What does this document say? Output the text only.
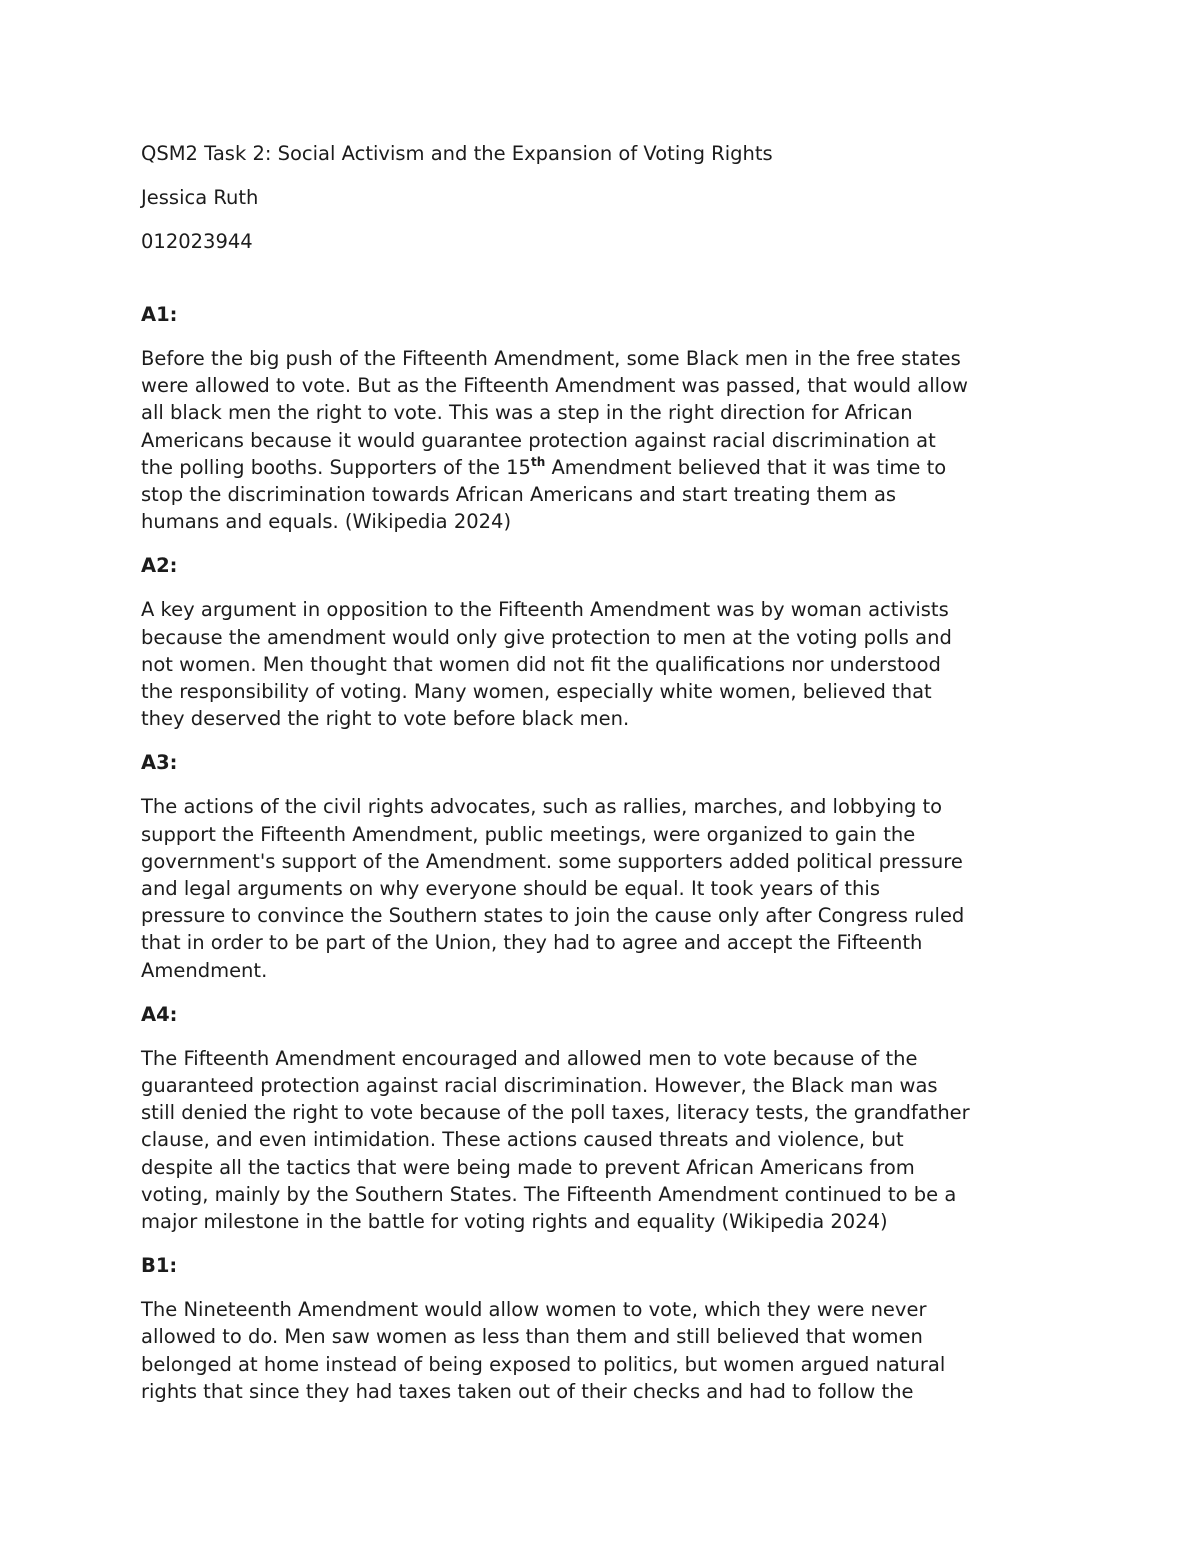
QSM2 Task 2: Social Activism and the Expansion of Voting Rights
Jessica Ruth
012023944
A1:
Before the big push of the Fifteenth Amendment, some Black men in the free states
were allowed to vote. But as the Fifteenth Amendment was passed, that would allow
all black men the right to vote. This was a step in the right direction for African
Americans because it would guarantee protection against racial discrimination at
the polling booths. Supporters of the 15th Amendment believed that it was time to
stop the discrimination towards African Americans and start treating them as
humans and equals. (Wikipedia 2024)
A2:
A key argument in opposition to the Fifteenth Amendment was by woman activists
because the amendment would only give protection to men at the voting polls and
not women. Men thought that women did not fit the qualifications nor understood
the responsibility of voting. Many women, especially white women, believed that
they deserved the right to vote before black men.
A3:
The actions of the civil rights advocates, such as rallies, marches, and lobbying to
support the Fifteenth Amendment, public meetings, were organized to gain the
government's support of the Amendment. some supporters added political pressure
and legal arguments on why everyone should be equal. It took years of this
pressure to convince the Southern states to join the cause only after Congress ruled
that in order to be part of the Union, they had to agree and accept the Fifteenth
Amendment.
A4:
The Fifteenth Amendment encouraged and allowed men to vote because of the
guaranteed protection against racial discrimination. However, the Black man was
still denied the right to vote because of the poll taxes, literacy tests, the grandfather
clause, and even intimidation. These actions caused threats and violence, but
despite all the tactics that were being made to prevent African Americans from
voting, mainly by the Southern States. The Fifteenth Amendment continued to be a
major milestone in the battle for voting rights and equality (Wikipedia 2024)
B1:
The Nineteenth Amendment would allow women to vote, which they were never
allowed to do. Men saw women as less than them and still believed that women
belonged at home instead of being exposed to politics, but women argued natural
rights that since they had taxes taken out of their checks and had to follow the
